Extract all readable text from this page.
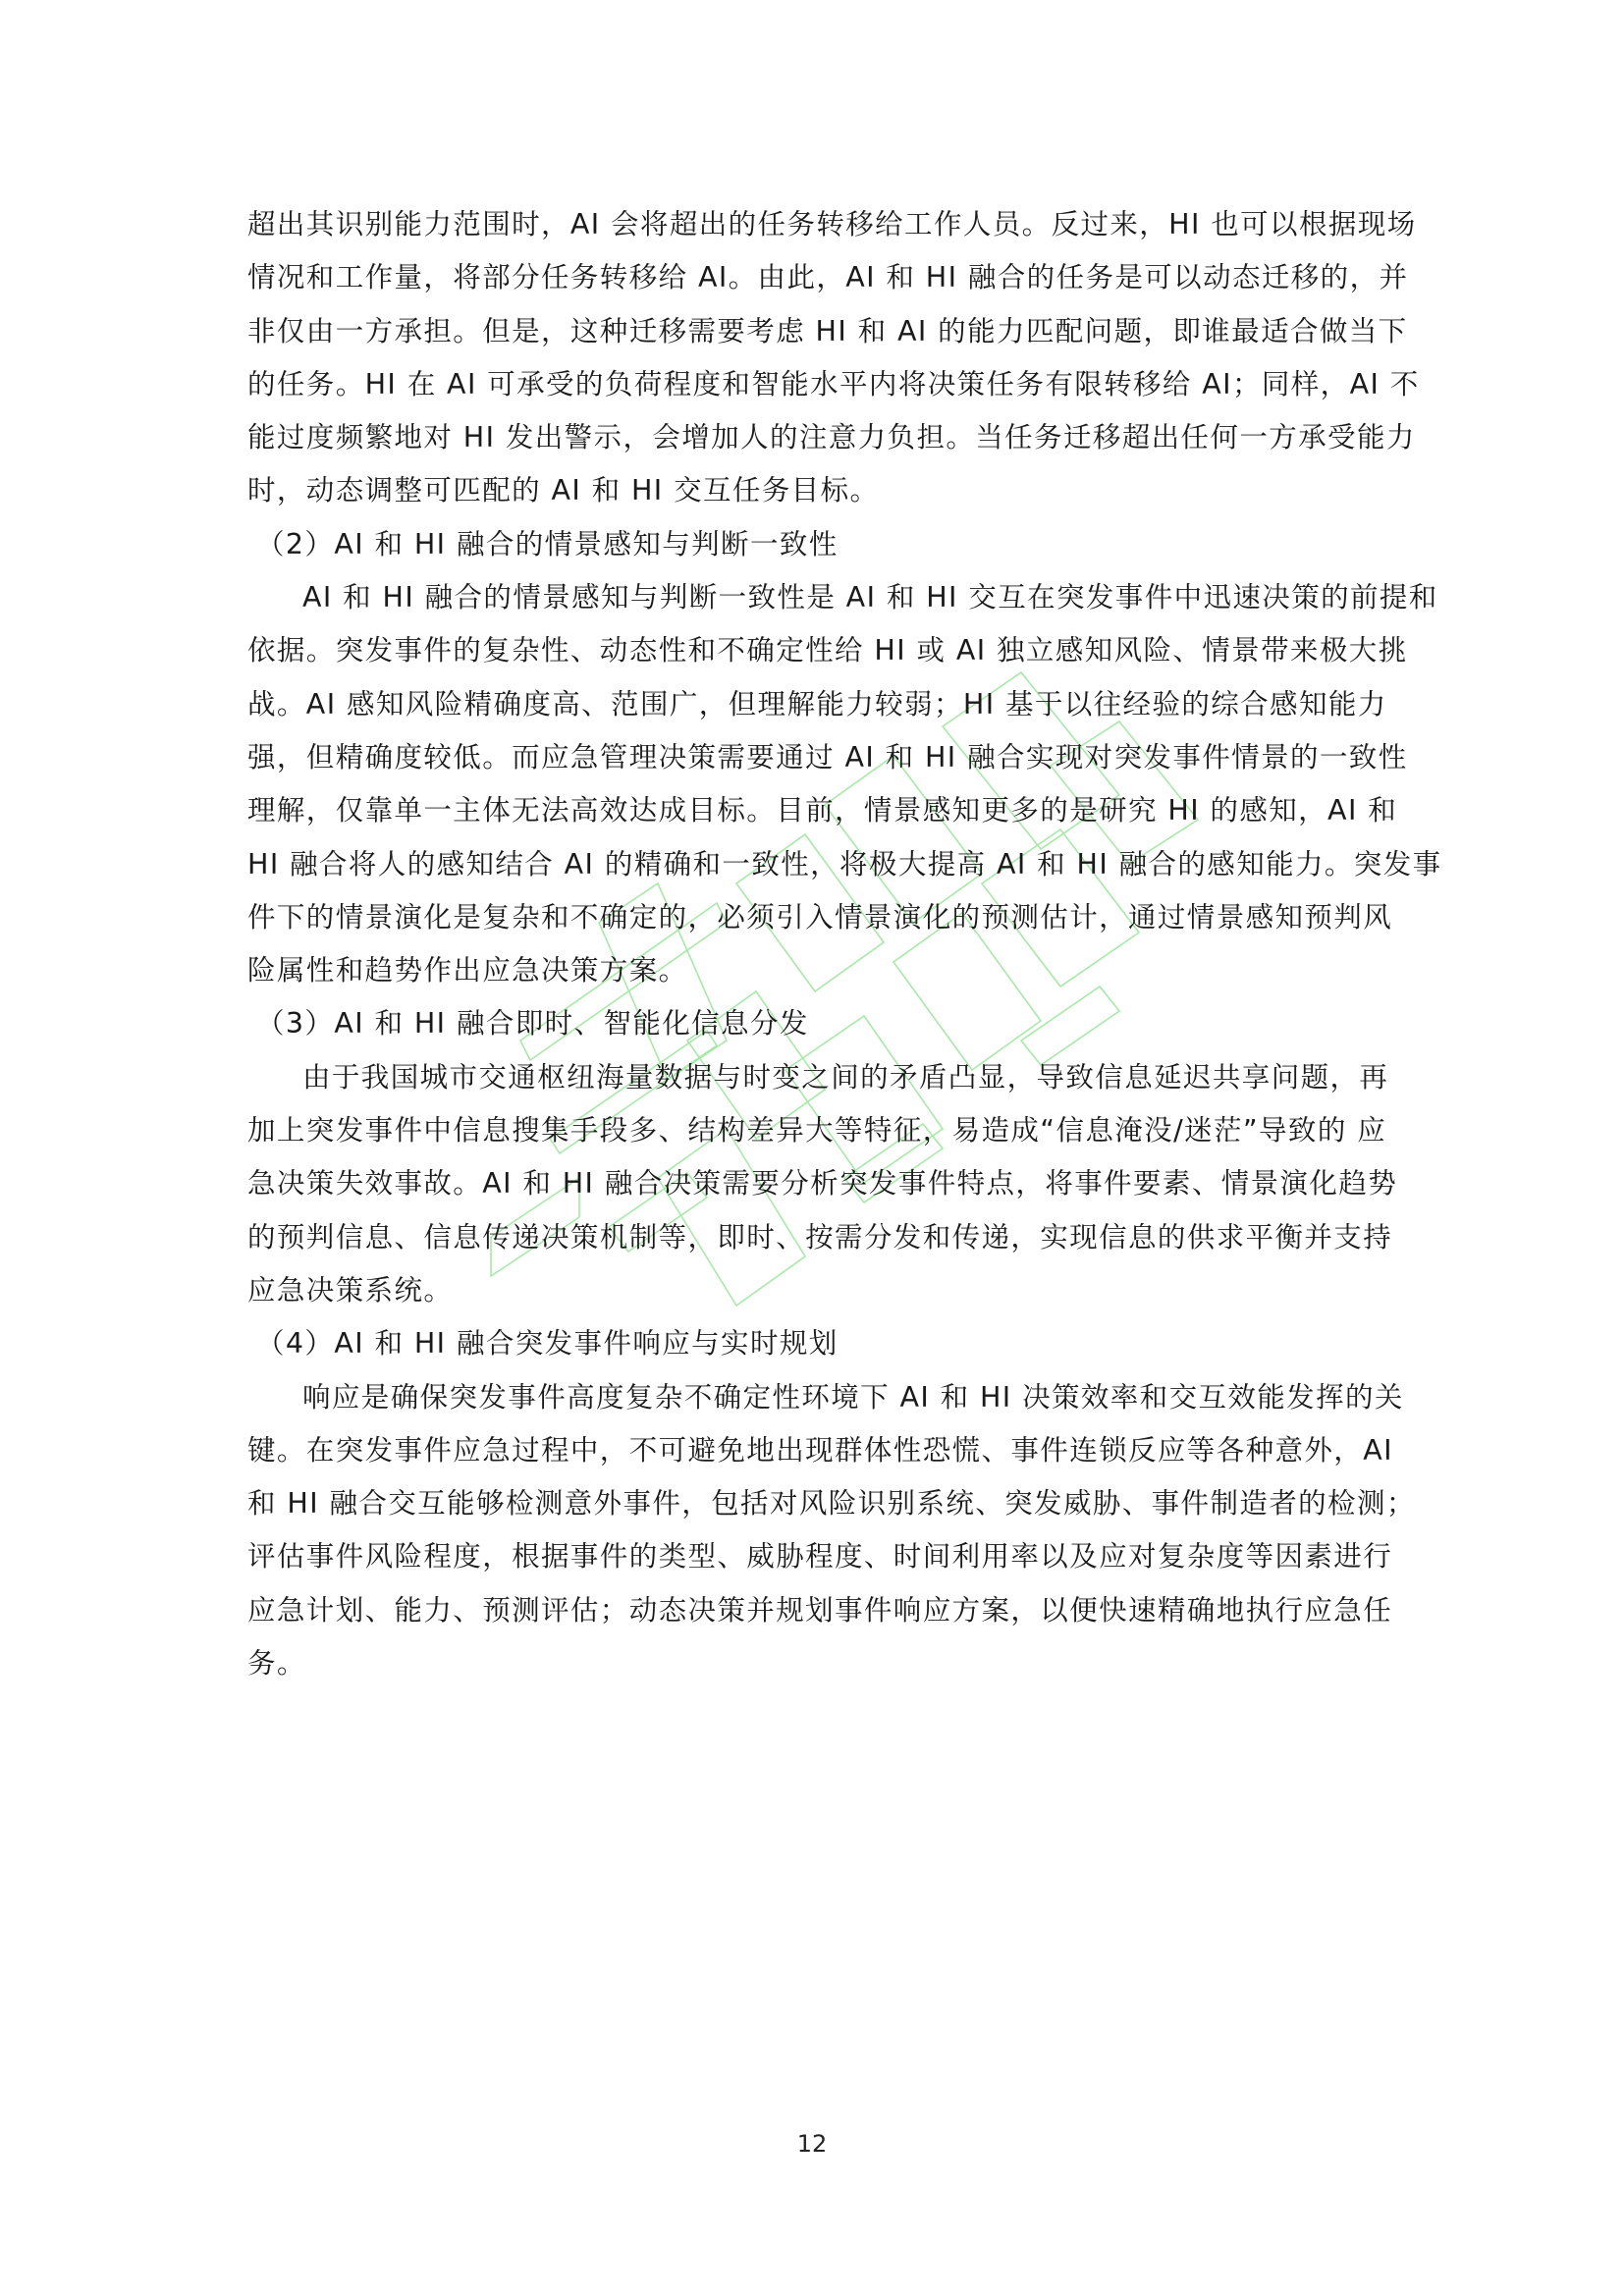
超出其识别能力范围时，AI 会将超出的任务转移给工作人员。反过来，HI 也可以根据现场
情况和工作量，将部分任务转移给 AI。由此，AI 和 HI 融合的任务是可以动态迁移的，并
非仅由一方承担。但是，这种迁移需要考虑 HI 和 AI 的能力匹配问题，即谁最适合做当下
的任务。HI 在 AI 可承受的负荷程度和智能水平内将决策任务有限转移给 AI；同样，AI 不
能过度频繁地对 HI 发出警示，会增加人的注意力负担。当任务迁移超出任何一方承受能力
时，动态调整可匹配的 AI 和 HI 交互任务目标。
（2）AI 和 HI 融合的情景感知与判断一致性
AI 和 HI 融合的情景感知与判断一致性是 AI 和 HI 交互在突发事件中迅速决策的前提和
依据。突发事件的复杂性、动态性和不确定性给 HI 或 AI 独立感知风险、情景带来极大挑
战。AI 感知风险精确度高、范围广，但理解能力较弱；HI 基于以往经验的综合感知能力
强，但精确度较低。而应急管理决策需要通过 AI 和 HI 融合实现对突发事件情景的一致性
理解，仅靠单一主体无法高效达成目标。目前，情景感知更多的是研究 HI 的感知，AI 和
HI 融合将人的感知结合 AI 的精确和一致性，将极大提高 AI 和 HI 融合的感知能力。突发事
件下的情景演化是复杂和不确定的，必须引入情景演化的预测估计，通过情景感知预判风
险属性和趋势作出应急决策方案。
（3）AI 和 HI 融合即时、智能化信息分发
由于我国城市交通枢纽海量数据与时变之间的矛盾凸显，导致信息延迟共享问题，再
加上突发事件中信息搜集手段多、结构差异大等特征，易造成“信息淹没/迷茫”导致的 应
急决策失效事故。AI 和 HI 融合决策需要分析突发事件特点，将事件要素、情景演化趋势
的预判信息、信息传递决策机制等，即时、按需分发和传递，实现信息的供求平衡并支持
应急决策系统。
（4）AI 和 HI 融合突发事件响应与实时规划
响应是确保突发事件高度复杂不确定性环境下 AI 和 HI 决策效率和交互效能发挥的关
键。在突发事件应急过程中，不可避免地出现群体性恐慌、事件连锁反应等各种意外，AI
和 HI 融合交互能够检测意外事件，包括对风险识别系统、突发威胁、事件制造者的检测；
评估事件风险程度，根据事件的类型、威胁程度、时间利用率以及应对复杂度等因素进行
应急计划、能力、预测评估；动态决策并规划事件响应方案，以便快速精确地执行应急任
务。
12
